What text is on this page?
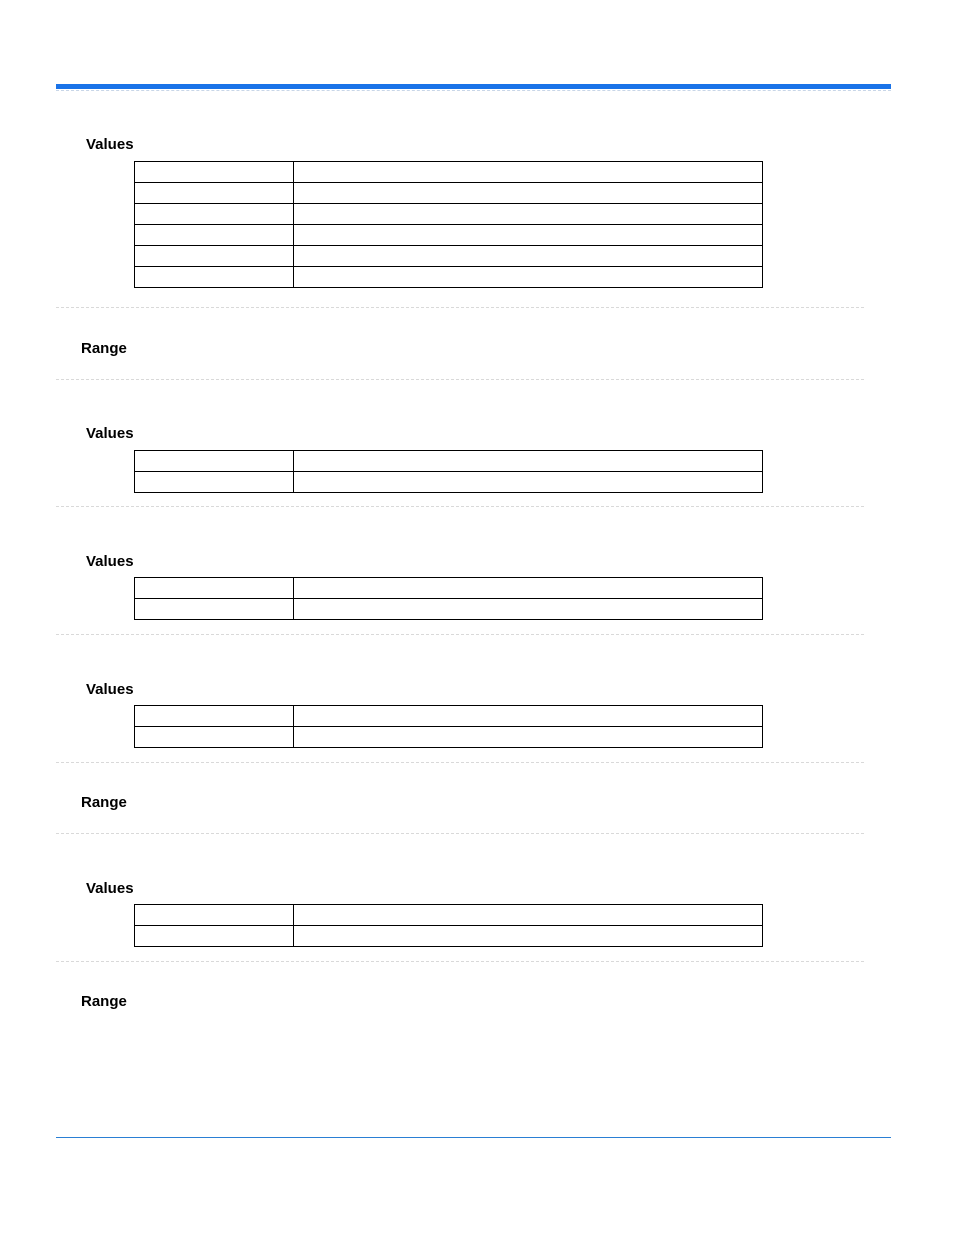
Values

Range
Values

Values

Values

Range
Values

Range
